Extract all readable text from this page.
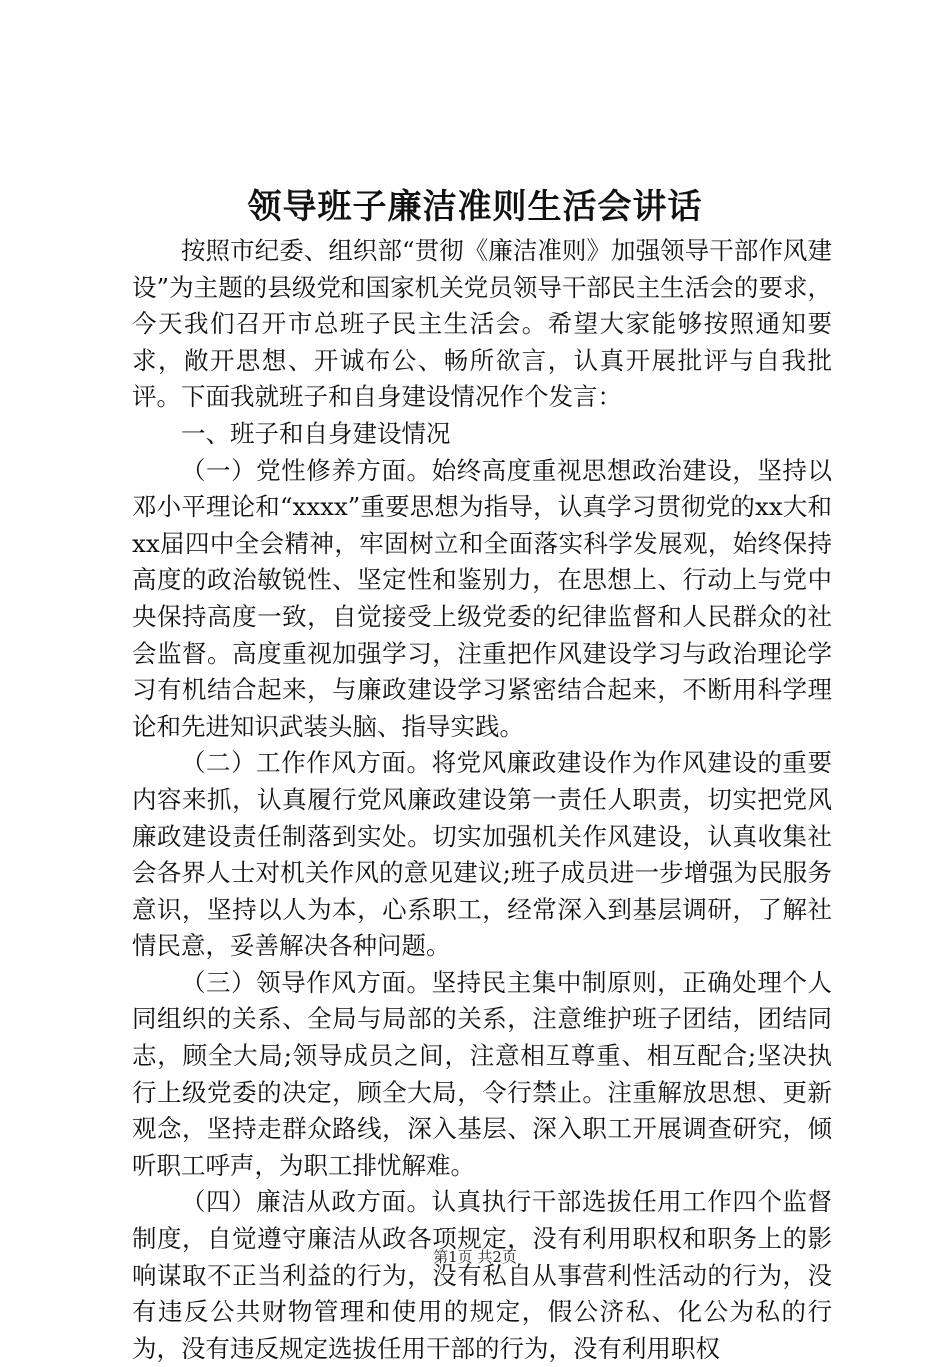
领导班子廉洁准则生活会讲话

按照市纪委、组织部“贯彻《廉洁准则》加强领导干部作风建设”为主题的县级党和国家机关党员领导干部民主生活会的要求，今天我们召开市总班子民主生活会。希望大家能够按照通知要求，敞开思想、开诚布公、畅所欲言，认真开展批评与自我批评。下面我就班子和自身建设情况作个发言：

一、班子和自身建设情况

（一）党性修养方面。始终高度重视思想政治建设，坚持以邓小平理论和“xxxx”重要思想为指导，认真学习贯彻党的xx大和xx届四中全会精神，牢固树立和全面落实科学发展观，始终保持高度的政治敏锐性、坚定性和鉴别力，在思想上、行动上与党中央保持高度一致，自觉接受上级党委的纪律监督和人民群众的社会监督。高度重视加强学习，注重把作风建设学习与政治理论学习有机结合起来，与廉政建设学习紧密结合起来，不断用科学理论和先进知识武装头脑、指导实践。

（二）工作作风方面。将党风廉政建设作为作风建设的重要内容来抓，认真履行党风廉政建设第一责任人职责，切实把党风廉政建设责任制落到实处。切实加强机关作风建设，认真收集社会各界人士对机关作风的意见建议;班子成员进一步增强为民服务意识，坚持以人为本，心系职工，经常深入到基层调研，了解社情民意，妥善解决各种问题。

（三）领导作风方面。坚持民主集中制原则，正确处理个人同组织的关系、全局与局部的关系，注意维护班子团结，团结同志，顾全大局;领导成员之间，注意相互尊重、相互配合;坚决执行上级党委的决定，顾全大局，令行禁止。注重解放思想、更新观念，坚持走群众路线，深入基层、深入职工开展调查研究，倾听职工呼声，为职工排忧解难。

（四）廉洁从政方面。认真执行干部选拔任用工作四个监督制度，自觉遵守廉洁从政各项规定，没有利用职权和职务上的影响谋取不正当利益的行为，没有私自从事营利性活动的行为，没有违反公共财物管理和使用的规定，假公济私、化公为私的行为，没有违反规定选拔任用干部的行为，没有利用职权

第1页 共2页
